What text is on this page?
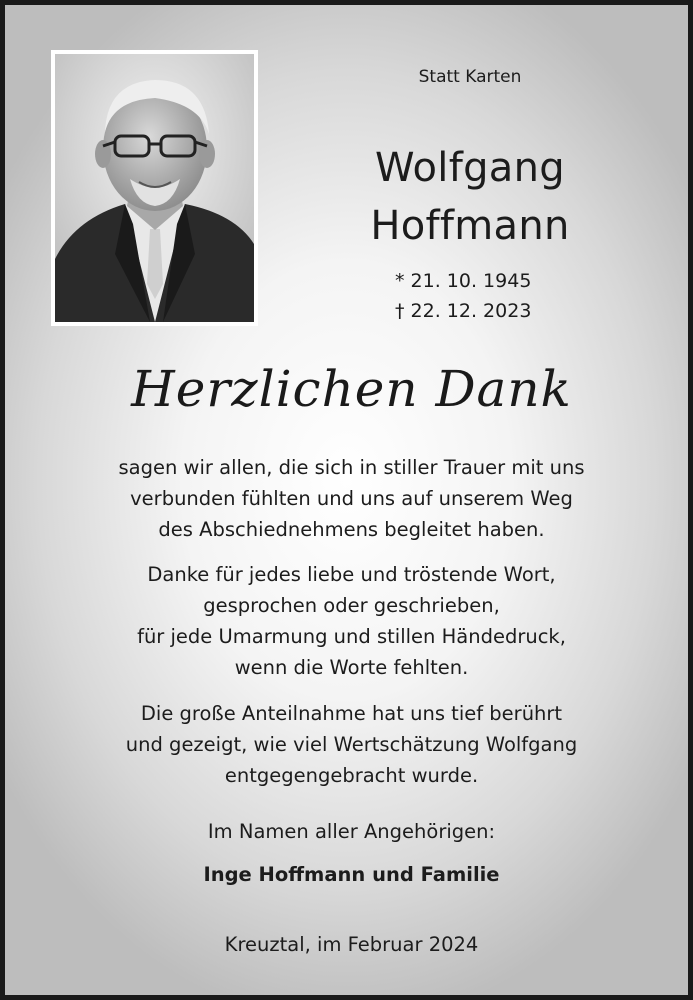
Statt Karten
Wolfgang
Hoffmann
* 21. 10. 1945
† 22. 12. 2023
Herzlichen Dank

sagen wir allen, die sich in stiller Trauer mit uns

verbunden fühlten und uns auf unserem Weg

des Abschiednehmens begleitet haben.

Danke für jedes liebe und tröstende Wort,

gesprochen oder geschrieben,

für jede Umarmung und stillen Händedruck,

wenn die Worte fehlten.

Die große Anteilnahme hat uns tief berührt

und gezeigt, wie viel Wertschätzung Wolfgang

entgegengebracht wurde.

Im Namen aller Angehörigen:
Inge Hoffmann und Familie
Kreuztal, im Februar 2024
